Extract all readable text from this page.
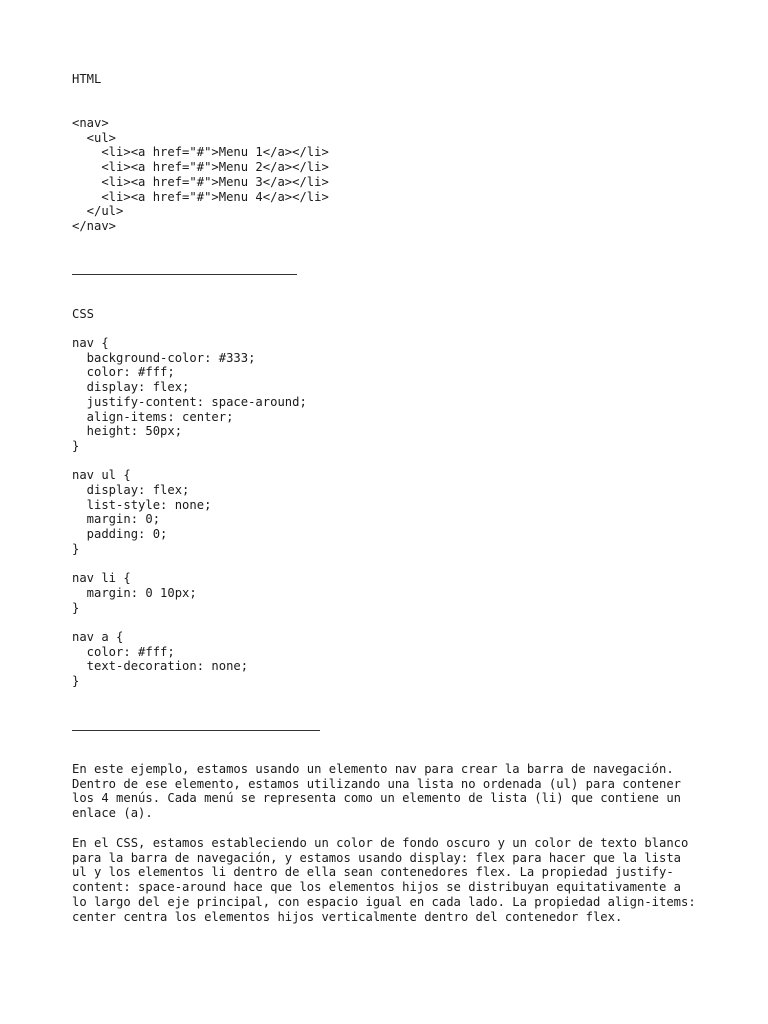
HTML
<nav>
<ul>
<li><a href="#">Menu 1</a></li>
<li><a href="#">Menu 2</a></li>
<li><a href="#">Menu 3</a></li>
<li><a href="#">Menu 4</a></li>
</ul>
</nav>
CSS
nav {
background-color: #333;
color: #fff;
display: flex;
justify-content: space-around;
align-items: center;
height: 50px;
}

nav ul {
display: flex;
list-style: none;
margin: 0;
padding: 0;
}

nav li {
margin: 0 10px;
}

nav a {
color: #fff;
text-decoration: none;
}

En este ejemplo, estamos usando un elemento nav para crear la barra de navegación. Dentro de ese elemento, estamos utilizando una lista no ordenada (ul) para contener los 4 menús. Cada menú se representa como un elemento de lista (li) que contiene un enlace (a).

En el CSS, estamos estableciendo un color de fondo oscuro y un color de texto blanco para la barra de navegación, y estamos usando display: flex para hacer que la lista ul y los elementos li dentro de ella sean contenedores flex. La propiedad justify-content: space-around hace que los elementos hijos se distribuyan equitativamente a lo largo del eje principal, con espacio igual en cada lado. La propiedad align-items: center centra los elementos hijos verticalmente dentro del contenedor flex.
